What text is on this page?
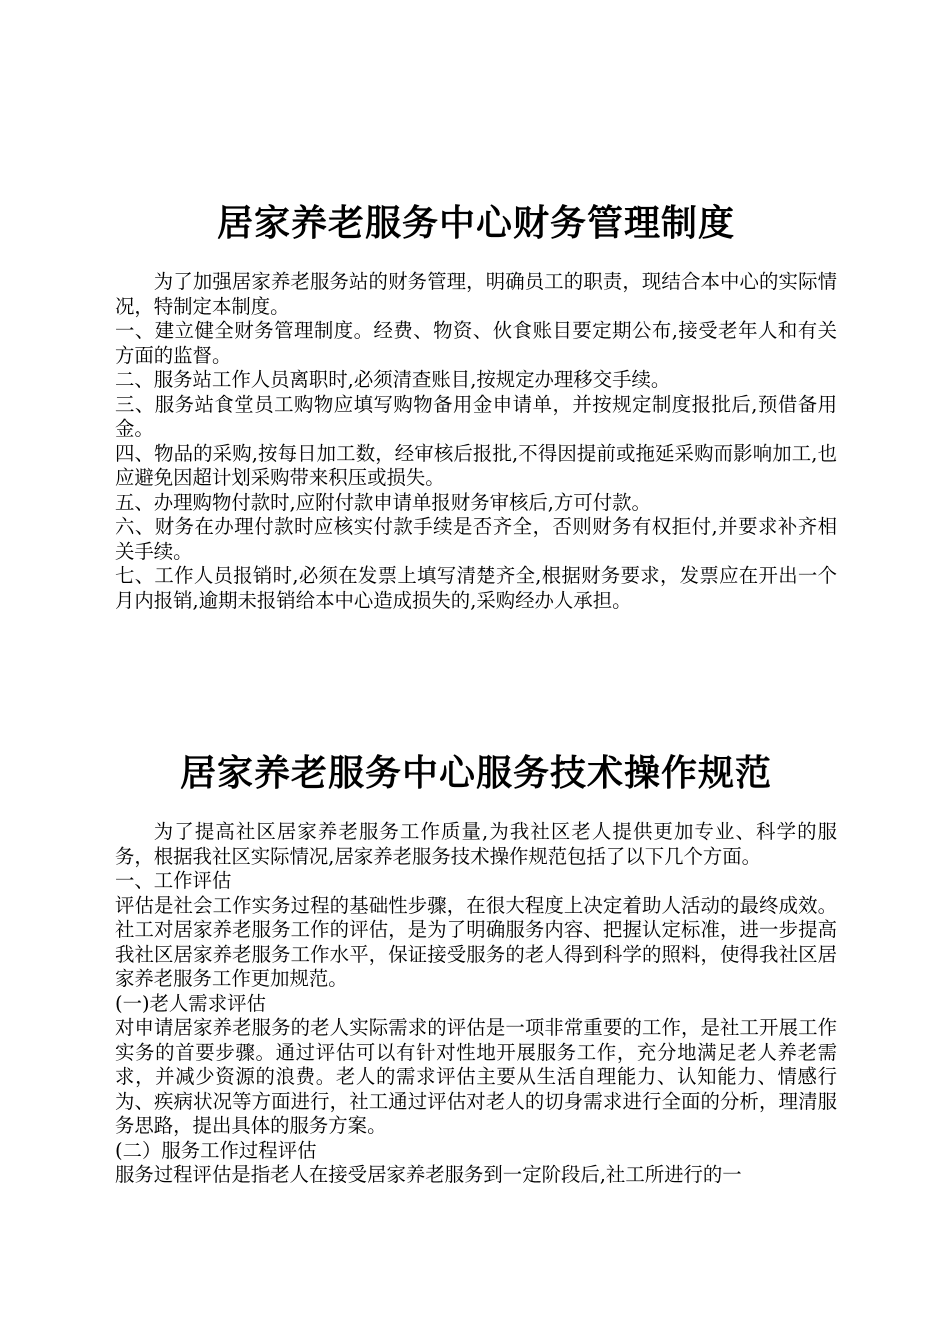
居家养老服务中心财务管理制度

为了加强居家养老服务站的财务管理，明确员工的职责，现结合本中心的实际情况，特制定本制度。

一、建立健全财务管理制度。经费、物资、伙食账目要定期公布,接受老年人和有关方面的监督。

二、服务站工作人员离职时,必须清查账目,按规定办理移交手续。

三、服务站食堂员工购物应填写购物备用金申请单，并按规定制度报批后,预借备用金。

四、物品的采购,按每日加工数，经审核后报批,不得因提前或拖延采购而影响加工,也应避免因超计划采购带来积压或损失。

五、办理购物付款时,应附付款申请单报财务审核后,方可付款。

六、财务在办理付款时应核实付款手续是否齐全，否则财务有权拒付,并要求补齐相关手续。

七、工作人员报销时,必须在发票上填写清楚齐全,根据财务要求，发票应在开出一个月内报销,逾期未报销给本中心造成损失的,采购经办人承担。

居家养老服务中心服务技术操作规范

为了提高社区居家养老服务工作质量,为我社区老人提供更加专业、科学的服务，根据我社区实际情况,居家养老服务技术操作规范包括了以下几个方面。

一、工作评估

评估是社会工作实务过程的基础性步骤，在很大程度上决定着助人活动的最终成效。社工对居家养老服务工作的评估，是为了明确服务内容、把握认定标准，进一步提高我社区居家养老服务工作水平，保证接受服务的老人得到科学的照料，使得我社区居家养老服务工作更加规范。

(一)老人需求评估

对申请居家养老服务的老人实际需求的评估是一项非常重要的工作，是社工开展工作实务的首要步骤。通过评估可以有针对性地开展服务工作，充分地满足老人养老需求，并减少资源的浪费。老人的需求评估主要从生活自理能力、认知能力、情感行为、疾病状况等方面进行，社工通过评估对老人的切身需求进行全面的分析，理清服务思路，提出具体的服务方案。

(二）服务工作过程评估

服务过程评估是指老人在接受居家养老服务到一定阶段后,社工所进行的一
